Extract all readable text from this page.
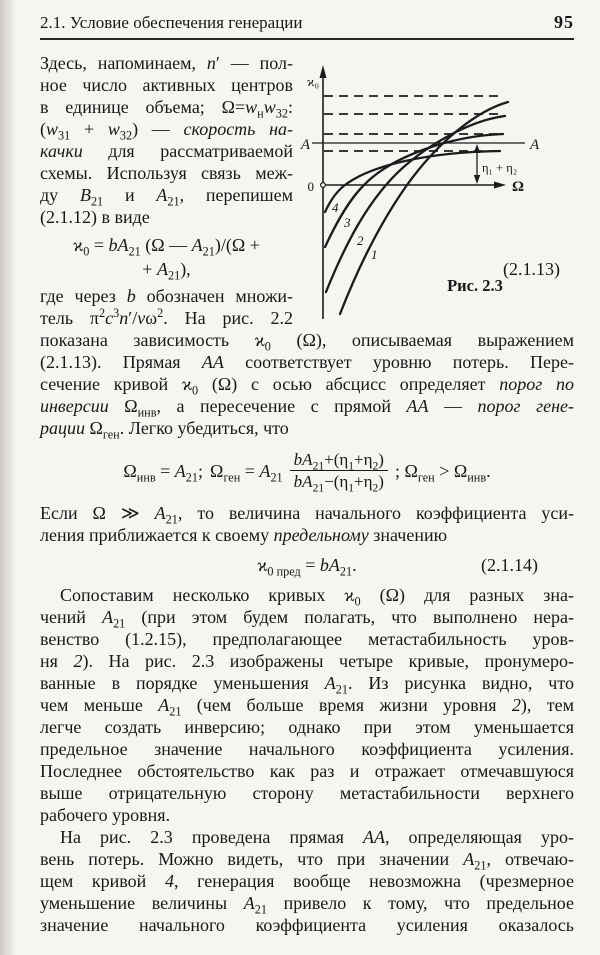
2.1. Условие обеспечения генерации	95
A	A
ϰ₀
Ω
0
4
3
2
1
η₁ + η₂
Рис. 2.3
Здесь, напоминаем, n′ — пол-
ное число активных центров
в единице объема; $\Omega=w_нw_{32}$:
$(w_{31} + w_{32})$ — скорость на-
качки для рассматриваемой
схемы. Используя связь меж-
ду $B_{21}$ и $A_{21}$, перепишем
(2.1.12) в виде
$ϰ_0 = bA_{21}$ (Ω — $A_{21})/(\Omega$ +
+ $A_{21}$),	(2.1.13)
где через b обозначен множи-
тель $\pi^2c^3n'/v\omega^2$. На рис. 2.2
показана зависимость $ϰ_0$ (Ω), описываемая выражением
(2.1.13). Прямая АА соответствует уровню потерь. Пере-
сечение кривой $ϰ_0$ (Ω) с осью абсцисс определяет порог по
инверсии $\Omega_{инв}$, а пересечение с прямой АА — порог гене-
рации $\Omega_{ген}$. Легко убедиться, что
$\Omega_{инв} = A_{21}$; $\Omega_{ген} = A_{21} \frac{bA_{21}+(\eta_1+\eta_2)}{bA_{21}-(\eta_1+\eta_2)}$ ; $\Omega_{ген} > \Omega_{инв}$.
Если Ω ≫ $A_{21}$, то величина начального коэффициента уси-
ления приближается к своему предельному значению
$ϰ_{0 пред} = bA_{21}$.	(2.1.14)
Сопоставим несколько кривых $ϰ_0$ (Ω) для разных зна-
чений $A_{21}$ (при этом будем полагать, что выполнено нера-
венство (1.2.15), предполагающее метастабильность уров-
ня 2). На рис. 2.3 изображены четыре кривые, пронумеро-
ванные в порядке уменьшения $A_{21}$. Из рисунка видно, что
чем меньше $A_{21}$ (чем больше время жизни уровня 2), тем
легче создать инверсию; однако при этом уменьшается
предельное значение начального коэффициента усиления.
Последнее обстоятельство как раз и отражает отмечавшуюся
выше отрицательную сторону метастабильности верхнего
рабочего уровня.
На рис. 2.3 проведена прямая АА, определяющая уро-
вень потерь. Можно видеть, что при значении $A_{21}$, отвечаю-
щем кривой 4, генерация вообще невозможна (чрезмерное
уменьшение величины $A_{21}$ привело к тому, что предельное
значение начального коэффициента усиления оказалось
